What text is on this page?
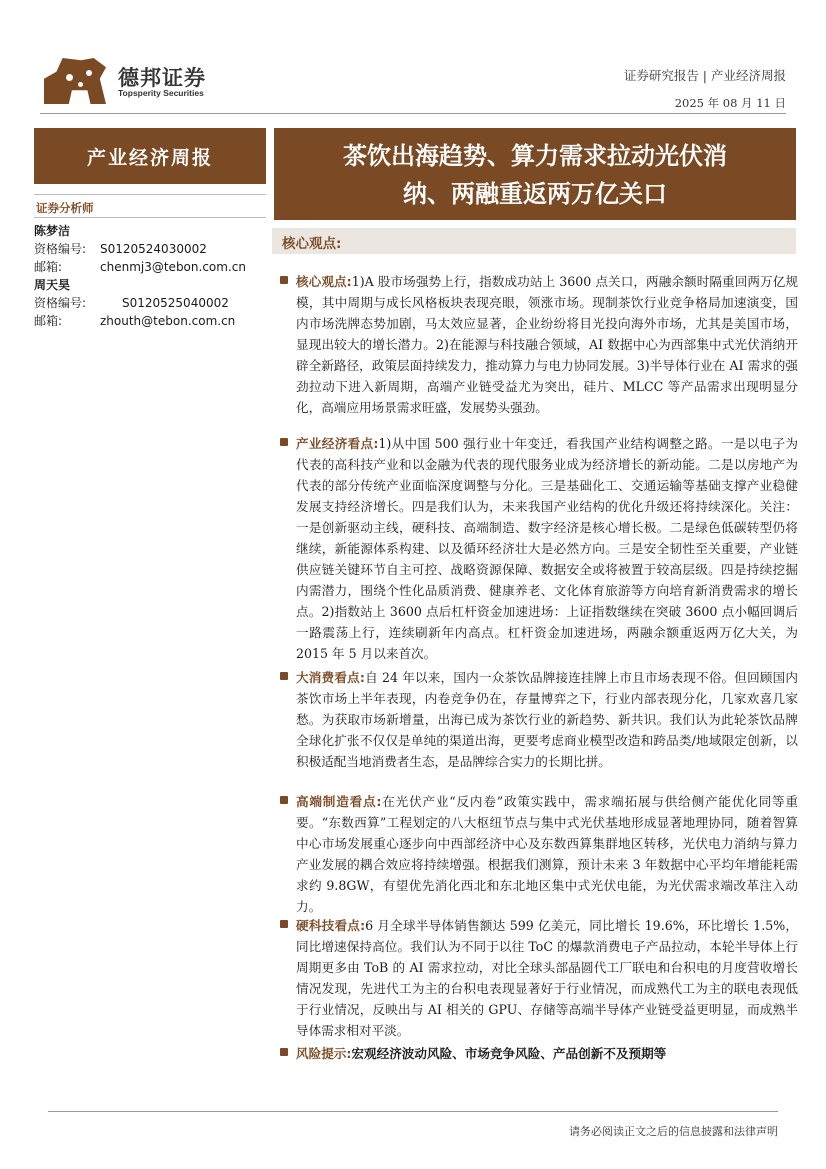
德邦证券
Topsperity Securities
证券研究报告 | 产业经济周报
2025 年 08 月 11 日
产业经济周报
证券分析师
陈梦洁
资格编号: S0120524030002
邮箱:	chenmj3@tebon.com.cn
周天昊
资格编号:	S0120525040002
邮箱:	zhouth@tebon.com.cn
茶饮出海趋势、算力需求拉动光伏消
纳、两融重返两万亿关口
核心观点:
核心观点:1)A 股市场强势上行，指数成功站上 3600 点关口，两融余额时隔重回两万亿规模，其中周期与成长风格板块表现亮眼，领涨市场。现制茶饮行业竞争格局加速演变，国内市场洗牌态势加剧，马太效应显著，企业纷纷将目光投向海外市场，尤其是美国市场，显现出较大的增长潜力。2)在能源与科技融合领域，AI 数据中心为西部集中式光伏消纳开辟全新路径，政策层面持续发力，推动算力与电力协同发展。3)半导体行业在 AI 需求的强劲拉动下进入新周期，高端产业链受益尤为突出，硅片、MLCC 等产品需求出现明显分化，高端应用场景需求旺盛，发展势头强劲。
产业经济看点:1)从中国 500 强行业十年变迁，看我国产业结构调整之路。一是以电子为代表的高科技产业和以金融为代表的现代服务业成为经济增长的新动能。二是以房地产为代表的部分传统产业面临深度调整与分化。三是基础化工、交通运输等基础支撑产业稳健发展支持经济增长。四是我们认为，未来我国产业结构的优化升级还将持续深化。关注：一是创新驱动主线，硬科技、高端制造、数字经济是核心增长极。二是绿色低碳转型仍将继续，新能源体系构建、以及循环经济壮大是必然方向。三是安全韧性至关重要，产业链供应链关键环节自主可控、战略资源保障、数据安全或将被置于较高层级。四是持续挖掘内需潜力，围绕个性化品质消费、健康养老、文化体育旅游等方向培育新消费需求的增长点。2)指数站上 3600 点后杠杆资金加速进场：上证指数继续在突破 3600 点小幅回调后一路震荡上行，连续刷新年内高点。杠杆资金加速进场，两融余额重返两万亿大关，为 2015 年 5 月以来首次。
大消费看点:自 24 年以来，国内一众茶饮品牌接连挂牌上市且市场表现不俗。但回顾国内茶饮市场上半年表现，内卷竞争仍在，存量博弈之下，行业内部表现分化，几家欢喜几家愁。为获取市场新增量，出海已成为茶饮行业的新趋势、新共识。我们认为此轮茶饮品牌全球化扩张不仅仅是单纯的渠道出海，更要考虑商业模型改造和跨品类/地域限定创新，以积极适配当地消费者生态，是品牌综合实力的长期比拼。
高端制造看点:在光伏产业“反内卷”政策实践中，需求端拓展与供给侧产能优化同等重要。“东数西算”工程划定的八大枢纽节点与集中式光伏基地形成显著地理协同，随着智算中心市场发展重心逐步向中西部经济中心及东数西算集群地区转移，光伏电力消纳与算力产业发展的耦合效应将持续增强。根据我们测算，预计未来 3 年数据中心平均年增能耗需求约 9.8GW，有望优先消化西北和东北地区集中式光伏电能，为光伏需求端改革注入动力。
硬科技看点:6 月全球半导体销售额达 599 亿美元，同比增长 19.6%，环比增长 1.5%，同比增速保持高位。我们认为不同于以往 ToC 的爆款消费电子产品拉动，本轮半导体上行周期更多由 ToB 的 AI 需求拉动，对比全球头部晶圆代工厂联电和台积电的月度营收增长情况发现，先进代工为主的台积电表现显著好于行业情况，而成熟代工为主的联电表现低于行业情况，反映出与 AI 相关的 GPU、存储等高端半导体产业链受益更明显，而成熟半导体需求相对平淡。
风险提示:宏观经济波动风险、市场竞争风险、产品创新不及预期等
请务必阅读正文之后的信息披露和法律声明
